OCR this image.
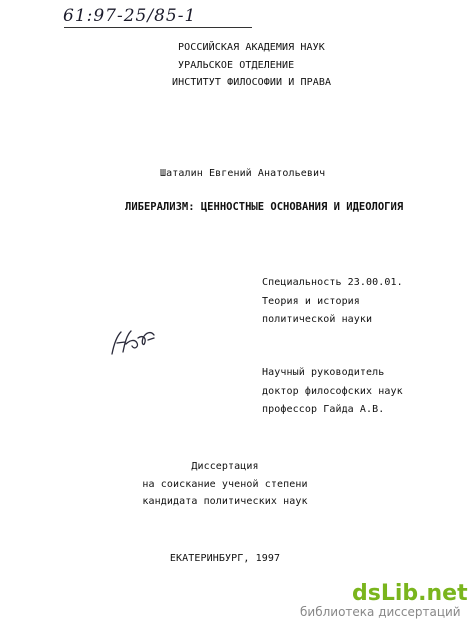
61:97-25/85-1
РОССИЙСКАЯ АКАДЕМИЯ НАУК
УРАЛЬСКОЕ ОТДЕЛЕНИЕ
ИНСТИТУТ ФИЛОСОФИИ И ПРАВА
Шаталин Евгений Анатольевич
ЛИБЕРАЛИЗМ: ЦЕННОСТНЫЕ ОСНОВАНИЯ И ИДЕОЛОГИЯ
Специальность 23.00.01.
Теория и история
политической науки
Научный руководитель
доктор философских наук
профессор Гайда А.В.
Диссертация
на соискание ученой степени
кандидата политических наук
ЕКАТЕРИНБУРГ, 1997
dsLib.net
библиотека диссертаций
